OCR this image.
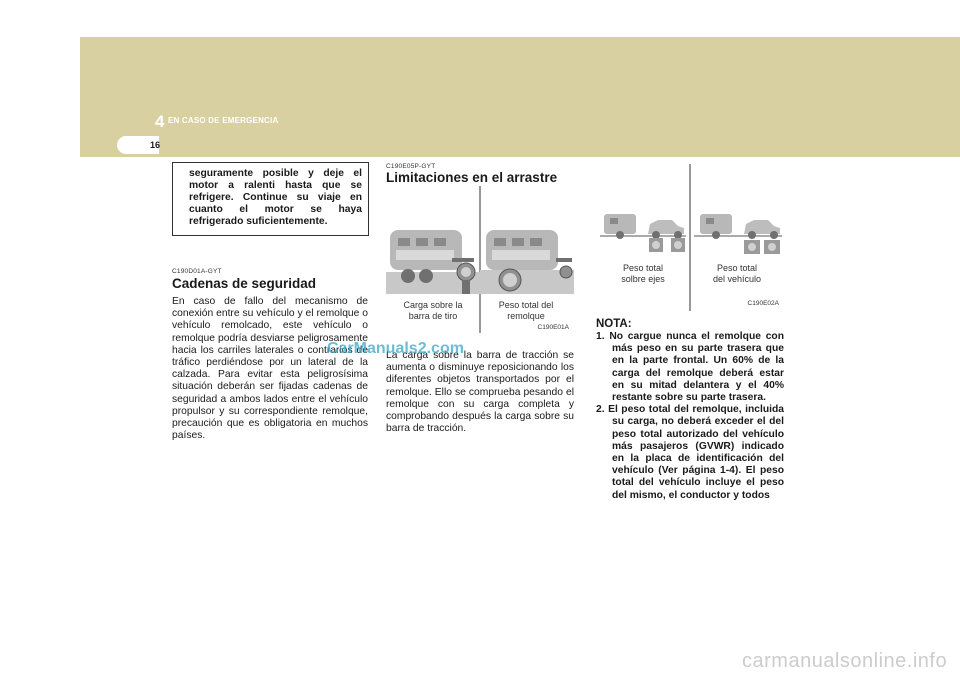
4 EN CASO DE EMERGENCIA
16

seguramente posible y deje el motor a ralenti hasta que se refrigere. Continue su viaje en cuanto el motor se haya refrigerado suficientemente.

C190D01A-GYT
Cadenas de seguridad
En caso de fallo del mecanismo de conexión entre su vehículo y el remolque o vehículo remolcado, este vehículo o remolque podría desviarse peligrosamente hacia los carriles laterales o contrarios de tráfico perdiéndose por un lateral de la calzada. Para evitar esta peligrosísima situación deberán ser fijadas cadenas de seguridad a ambos lados entre el vehículo propulsor y su correspondiente remolque, precaución que es obligatoria en muchos países.
C190E05P-GYT
Limitaciones en el arrastre
Carga sobre la
barra de tiro
Peso total del
remolque
C190E01A
La carga sobre la barra de tracción se aumenta o disminuye reposicionando los diferentes objetos transportados por el remolque. Ello se comprueba pesando el remolque con su carga completa y comprobando después la carga sobre su barra de tracción.
Peso total
solbre ejes
Peso total
del vehículo
C190E02A
NOTA:
1. No cargue nunca el remolque con más peso en su parte trasera que en la parte frontal. Un 60% de la carga del remolque deberá estar en su mitad delantera y el 40% restante sobre su parte trasera.
2. El peso total del remolque, incluida su carga, no deberá exceder el del peso total autorizado del vehículo más pasajeros (GVWR) indicado en la placa de identificación del vehículo (Ver página 1-4). El peso total del vehículo incluye el peso del mismo, el conductor y todos
CarManuals2.com
carmanualsonline.info
